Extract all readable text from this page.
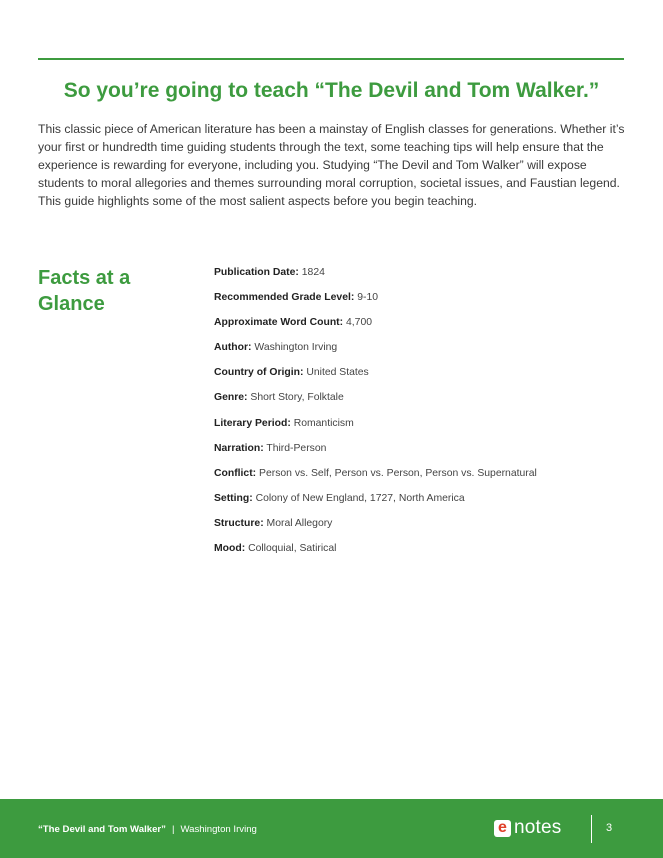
So you’re going to teach “The Devil and Tom Walker.”

This classic piece of American literature has been a mainstay of English classes for generations. Whether it’s your first or hundredth time guiding students through the text, some teaching tips will help ensure that the experience is rewarding for everyone, including you. Studying “The Devil and Tom Walker” will expose students to moral allegories and themes surrounding moral corruption, societal issues, and Faustian legend. This guide highlights some of the most salient aspects before you begin teaching.

Facts at a Glance
Publication Date: 1824
Recommended Grade Level: 9-10
Approximate Word Count: 4,700
Author: Washington Irving
Country of Origin: United States
Genre: Short Story, Folktale
Literary Period: Romanticism
Narration: Third-Person
Conflict: Person vs. Self, Person vs. Person, Person vs. Supernatural
Setting: Colony of New England, 1727, North America
Structure: Moral Allegory
Mood: Colloquial, Satirical
“The Devil and Tom Walker” | Washington Irving	e notes	3
